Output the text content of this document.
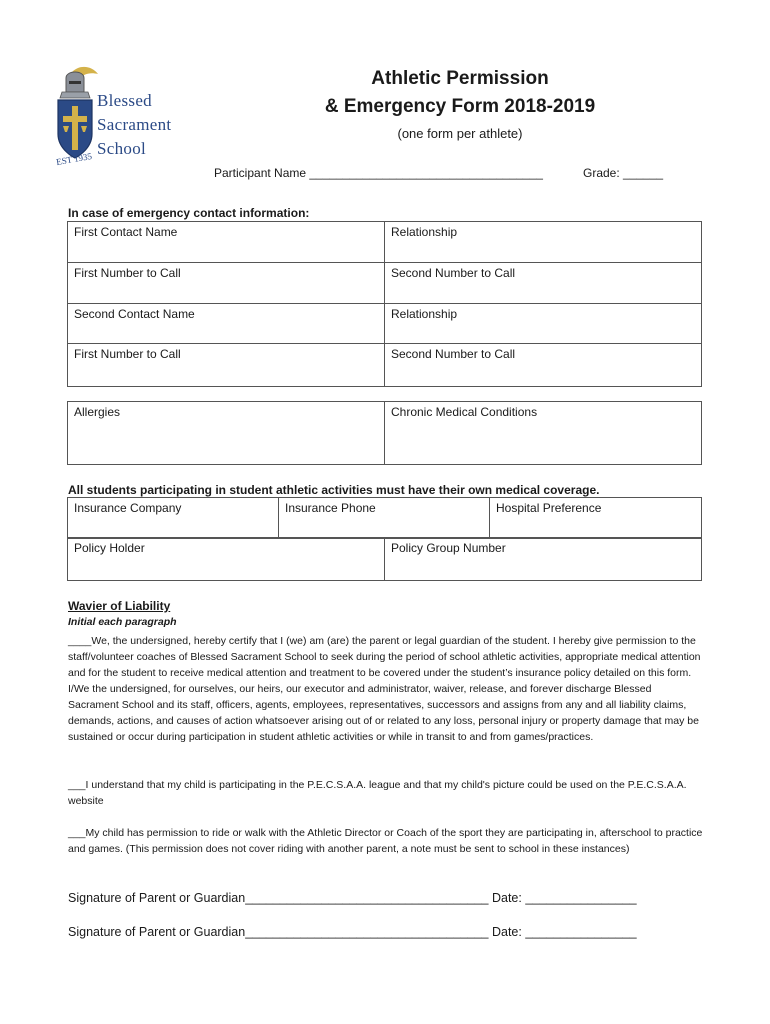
Blessed
Sacrament
School
EST 1935
Athletic Permission
& Emergency Form 2018-2019
(one form per athlete)
Participant Name ___________________________________	Grade: ______
In case of emergency contact information:
First Contact Name	Relationship
First Number to Call	Second Number to Call
Second Contact Name	Relationship
First Number to Call	Second Number to Call
Allergies	Chronic Medical Conditions
All students participating in student athletic activities must have their own medical coverage.
Insurance Company	Insurance Phone	Hospital Preference
Policy Holder	Policy Group Number
Wavier of Liability
Initial each paragraph
____We, the undersigned, hereby certify that I (we) am (are) the parent or legal guardian of the student. I hereby give permission to the staff/volunteer coaches of Blessed Sacrament School to seek during the period of school athletic activities, appropriate medical attention and for the student to receive medical attention and treatment to be covered under the student’s insurance policy detailed on this form. I/We the undersigned, for ourselves, our heirs, our executor and administrator, waiver, release, and forever discharge Blessed Sacrament School and its staff, officers, agents, employees, representatives, successors and assigns from any and all liability claims, demands, actions, and causes of action whatsoever arising out of or related to any loss, personal injury or property damage that may be sustained or occur during participation in student athletic activities or while in transit to and from games/practices.
___I understand that my child is participating in the P.E.C.S.A.A. league and that my child's picture could be used on the P.E.C.S.A.A. website
___My child has permission to ride or walk with the Athletic Director or Coach of the sport they are participating in, afterschool to practice and games. (This permission does not cover riding with another parent, a note must be sent to school in these instances)
Signature of Parent or Guardian___________________________________ Date: ________________
Signature of Parent or Guardian___________________________________ Date: ________________
